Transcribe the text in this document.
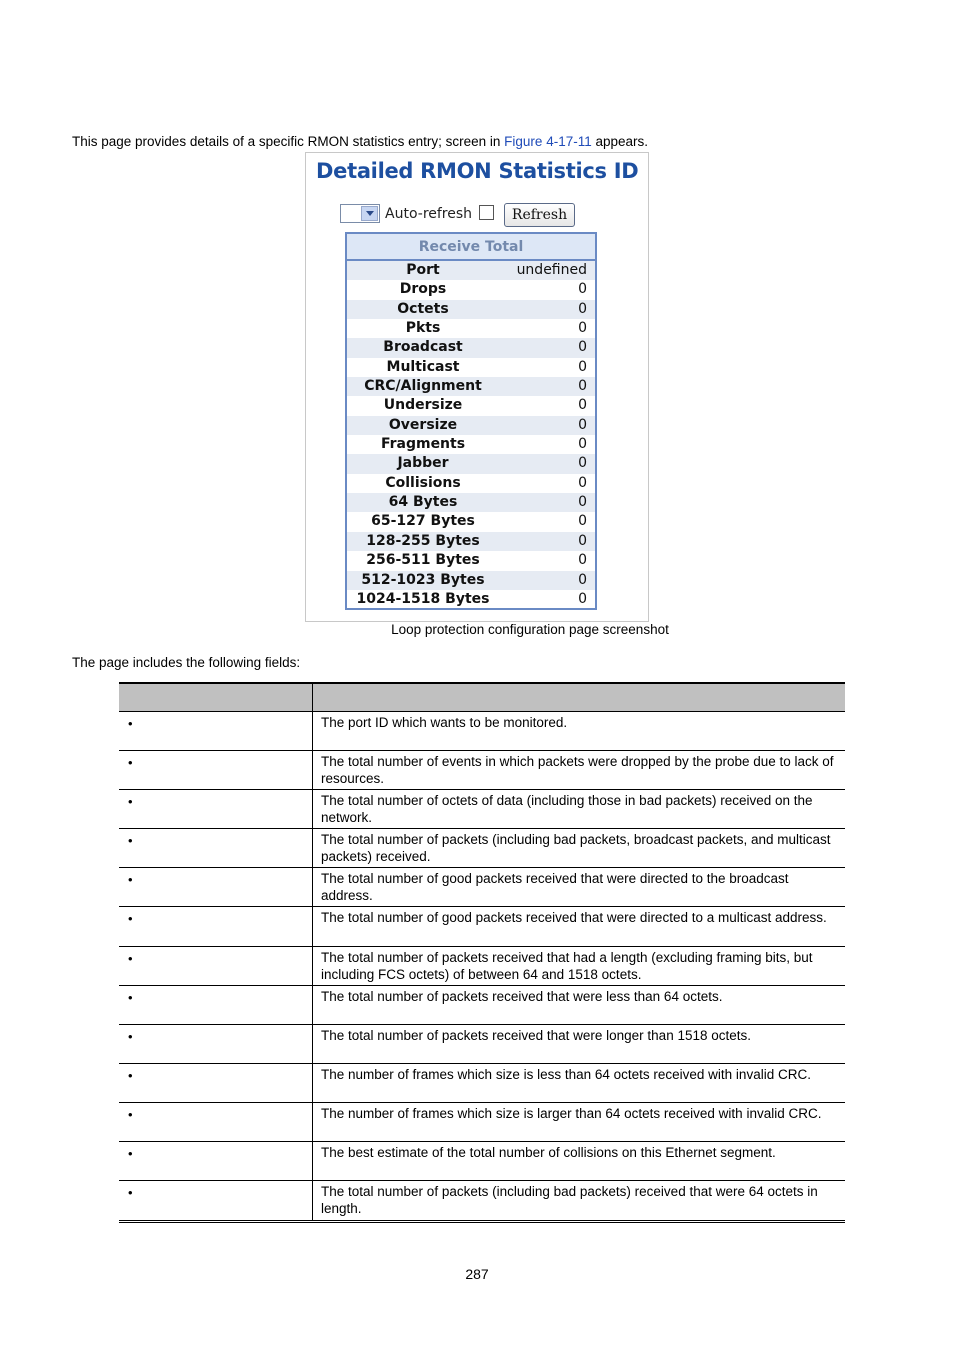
This page provides details of a specific RMON statistics entry; screen in Figure 4-17-11 appears.

Detailed RMON Statistics ID
Auto-refresh	Refresh
Receive Total
Port	undefined
Drops	0
Octets	0
Pkts	0
Broadcast	0
Multicast	0
CRC/Alignment	0
Undersize	0
Oversize	0
Fragments	0
Jabber	0
Collisions	0
64 Bytes	0
65-127 Bytes	0
128-255 Bytes	0
256-511 Bytes	0
512-1023 Bytes	0
1024-1518 Bytes	0

Loop protection configuration page screenshot

The page includes the following fields:

•	The port ID which wants to be monitored.
•	The total number of events in which packets were dropped by the probe due to lack of resources.
•	The total number of octets of data (including those in bad packets) received on the network.
•	The total number of packets (including bad packets, broadcast packets, and multicast packets) received.
•	The total number of good packets received that were directed to the broadcast address.
•	The total number of good packets received that were directed to a multicast address.
•	The total number of packets received that had a length (excluding framing bits, but including FCS octets) of between 64 and 1518 octets.
•	The total number of packets received that were less than 64 octets.
•	The total number of packets received that were longer than 1518 octets.
•	The number of frames which size is less than 64 octets received with invalid CRC.
•	The number of frames which size is larger than 64 octets received with invalid CRC.
•	The best estimate of the total number of collisions on this Ethernet segment.
•	The total number of packets (including bad packets) received that were 64 octets in length.

287
